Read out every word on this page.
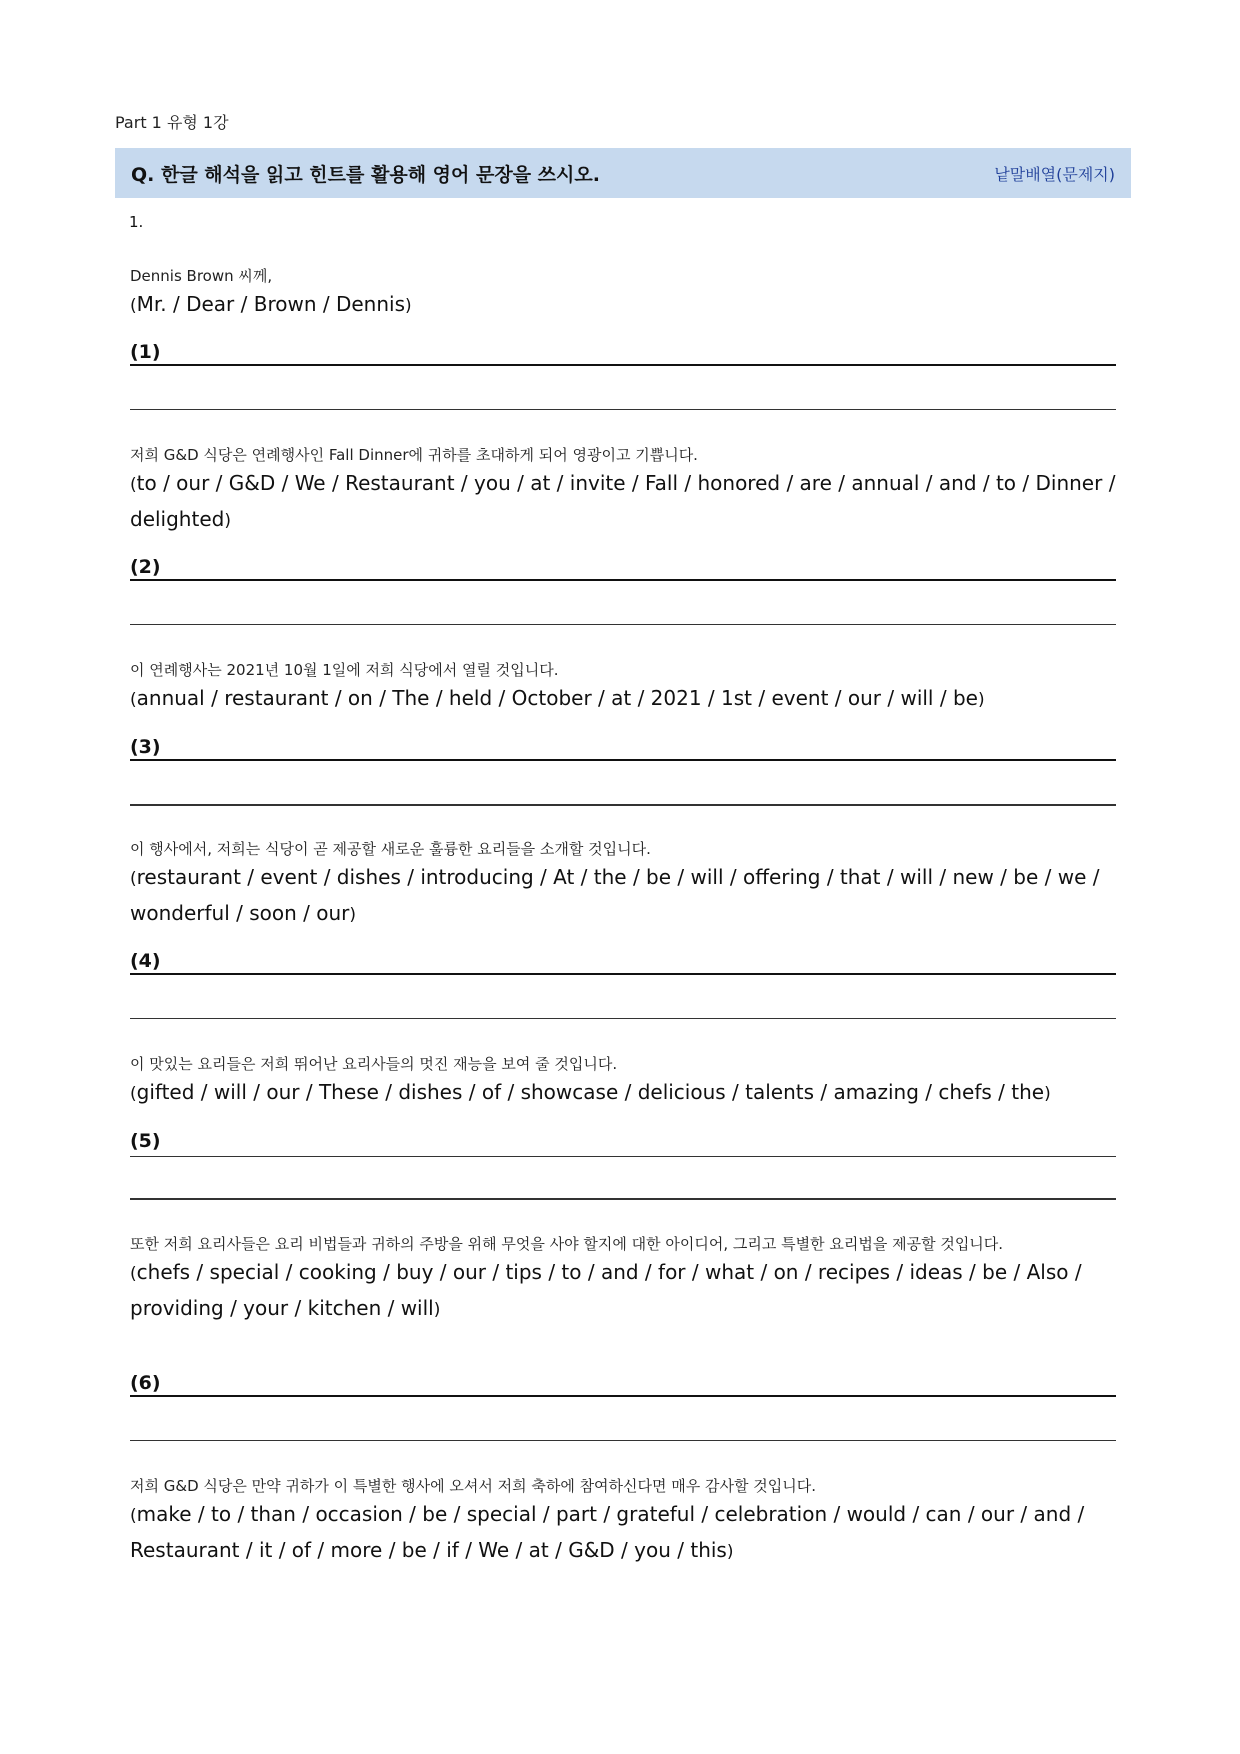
Part 1 유형 1강
Q. 한글 해석을 읽고 힌트를 활용해 영어 문장을 쓰시오.	낱말배열(문제지)
1.
Dennis Brown 씨께,
(Mr. / Dear / Brown / Dennis)
(1)
저희 G&D 식당은 연례행사인 Fall Dinner에 귀하를 초대하게 되어 영광이고 기쁩니다.
(to / our / G&D / We / Restaurant / you / at / invite / Fall / honored / are / annual / and / to / Dinner / delighted)
(2)
이 연례행사는 2021년 10월 1일에 저희 식당에서 열릴 것입니다.
(annual / restaurant / on / The / held / October / at / 2021 / 1st / event / our / will / be)
(3)
이 행사에서, 저희는 식당이 곧 제공할 새로운 훌륭한 요리들을 소개할 것입니다.
(restaurant / event / dishes / introducing / At / the / be / will / offering / that / will / new / be / we / wonderful / soon / our)
(4)
이 맛있는 요리들은 저희 뛰어난 요리사들의 멋진 재능을 보여 줄 것입니다.
(gifted / will / our / These / dishes / of / showcase / delicious / talents / amazing / chefs / the)
(5)
또한 저희 요리사들은 요리 비법들과 귀하의 주방을 위해 무엇을 사야 할지에 대한 아이디어, 그리고 특별한 요리법을 제공할 것입니다.
(chefs / special / cooking / buy / our / tips / to / and / for / what / on / recipes / ideas / be / Also / providing / your / kitchen / will)
(6)
저희 G&D 식당은 만약 귀하가 이 특별한 행사에 오셔서 저희 축하에 참여하신다면 매우 감사할 것입니다.
(make / to / than / occasion / be / special / part / grateful / celebration / would / can / our / and / Restaurant / it / of / more / be / if / We / at / G&D / you / this)
